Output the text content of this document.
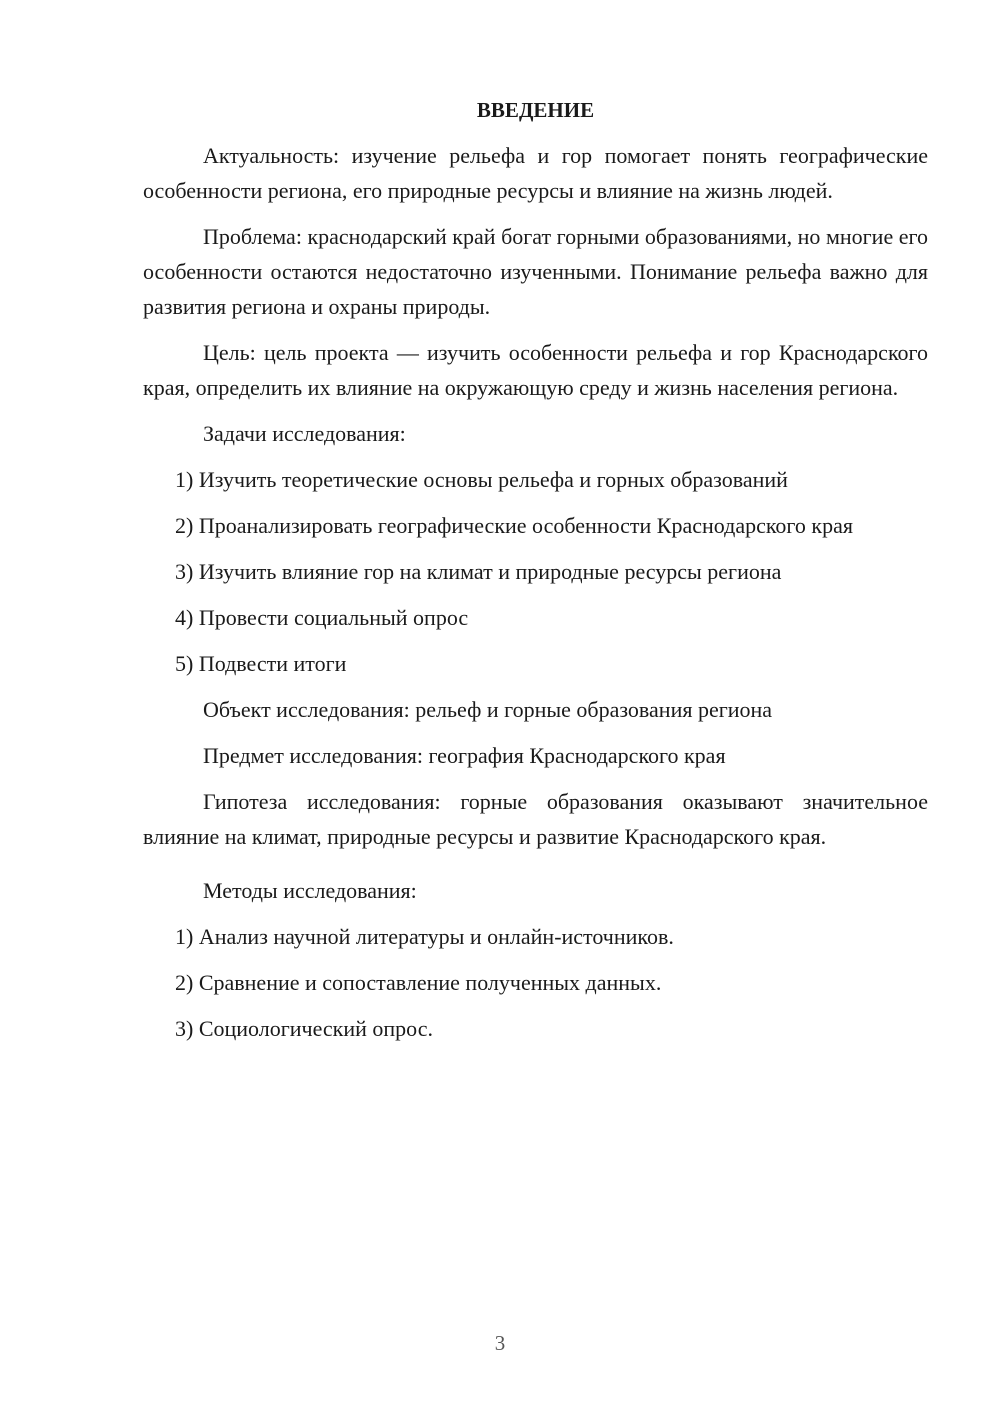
ВВЕДЕНИЕ

Актуальность: изучение рельефа и гор помогает понять географические особенности региона, его природные ресурсы и влияние на жизнь людей.

Проблема: краснодарский край богат горными образованиями, но многие его особенности остаются недостаточно изученными. Понимание рельефа важно для развития региона и охраны природы.

Цель: цель проекта — изучить особенности рельефа и гор Краснодарского края, определить их влияние на окружающую среду и жизнь населения региона.

Задачи исследования:

1) Изучить теоретические основы рельефа и горных образований

2) Проанализировать географические особенности Краснодарского края

3) Изучить влияние гор на климат и природные ресурсы региона

4) Провести социальный опрос

5) Подвести итоги

Объект исследования: рельеф и горные образования региона

Предмет исследования: география Краснодарского края

Гипотеза исследования: горные образования оказывают значительное влияние на климат, природные ресурсы и развитие Краснодарского края.

Методы исследования:

1) Анализ научной литературы и онлайн-источников.

2) Сравнение и сопоставление полученных данных.

3) Социологический опрос.

3
